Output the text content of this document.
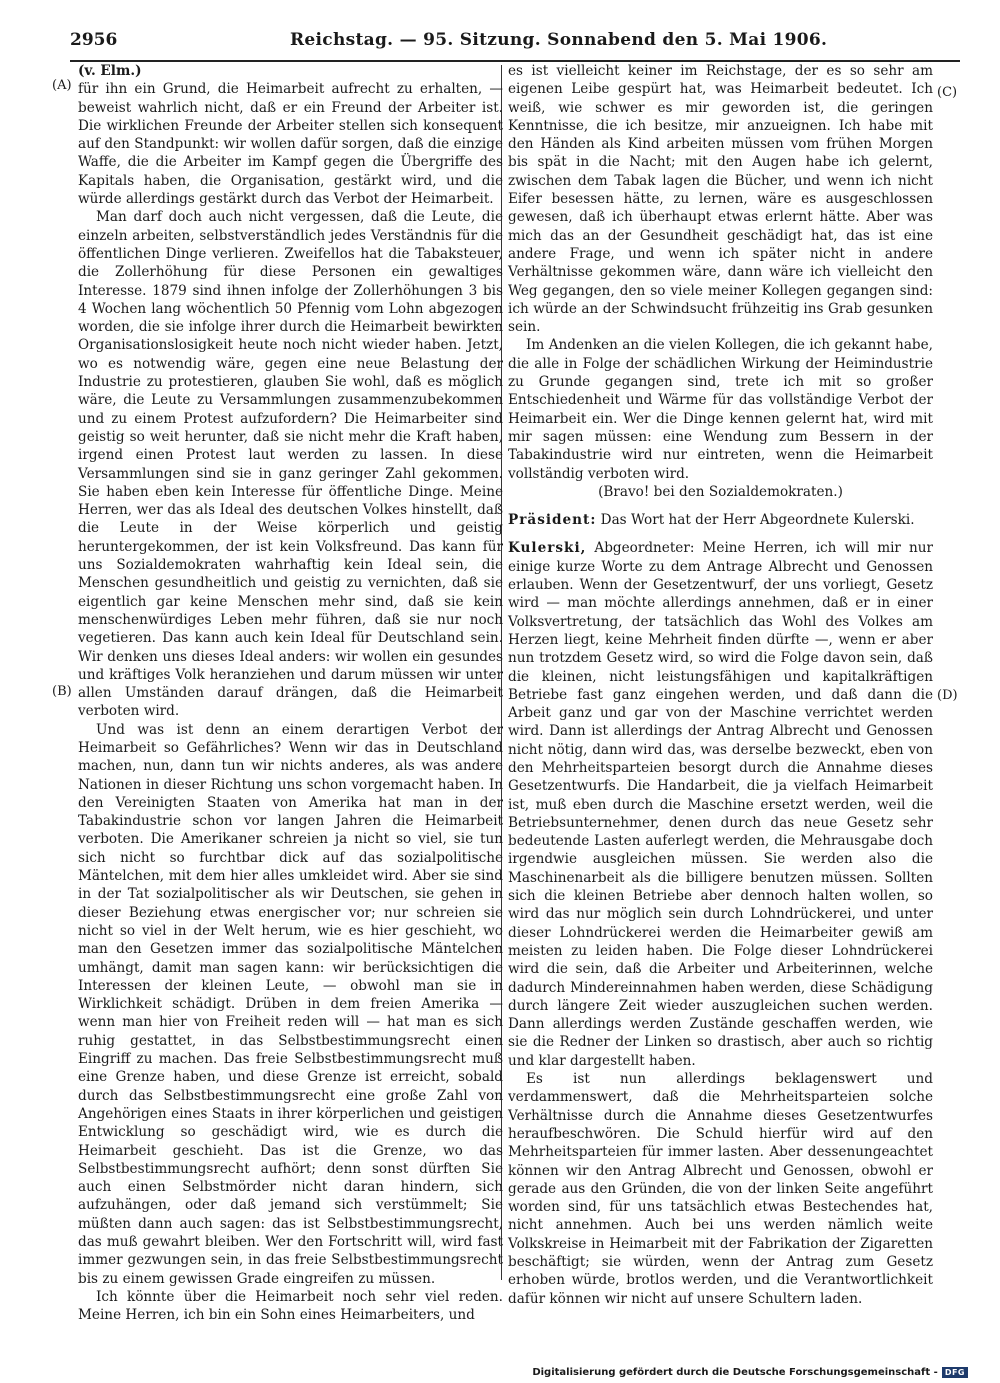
2956	Reichstag. — 95. Sitzung. Sonnabend den 5. Mai 1906.
(A)
(B)
(C)
(D)

(v. Elm.)

für ihn ein Grund, die Heimarbeit aufrecht zu erhalten, — beweist wahrlich nicht, daß er ein Freund der Arbeiter ist. Die wirklichen Freunde der Arbeiter stellen sich konsequent auf den Standpunkt: wir wollen dafür sorgen, daß die einzige Waffe, die die Arbeiter im Kampf gegen die Übergriffe des Kapitals haben, die Organisation, gestärkt wird, und die würde allerdings gestärkt durch das Verbot der Heimarbeit.

Man darf doch auch nicht vergessen, daß die Leute, die einzeln arbeiten, selbstverständlich jedes Verständnis für die öffentlichen Dinge verlieren. Zweifellos hat die Tabaksteuer, die Zollerhöhung für diese Personen ein gewaltiges Interesse. 1879 sind ihnen infolge der Zollerhöhungen 3 bis 4 Wochen lang wöchentlich 50 Pfennig vom Lohn abgezogen worden, die sie infolge ihrer durch die Heimarbeit bewirkten Organisationslosigkeit heute noch nicht wieder haben. Jetzt, wo es notwendig wäre, gegen eine neue Belastung der Industrie zu protestieren, glauben Sie wohl, daß es möglich wäre, die Leute zu Versammlungen zusammenzubekommen und zu einem Protest aufzufordern? Die Heimarbeiter sind geistig so weit herunter, daß sie nicht mehr die Kraft haben, irgend einen Protest laut werden zu lassen. In diese Versammlungen sind sie in ganz geringer Zahl gekommen. Sie haben eben kein Interesse für öffentliche Dinge. Meine Herren, wer das als Ideal des deutschen Volkes hinstellt, daß die Leute in der Weise körperlich und geistig heruntergekommen, der ist kein Volksfreund. Das kann für uns Sozialdemokraten wahrhaftig kein Ideal sein, die Menschen gesundheitlich und geistig zu vernichten, daß sie eigentlich gar keine Menschen mehr sind, daß sie kein menschenwürdiges Leben mehr führen, daß sie nur noch vegetieren. Das kann auch kein Ideal für Deutschland sein. Wir denken uns dieses Ideal anders: wir wollen ein gesundes und kräftiges Volk heranziehen und darum müssen wir unter allen Umständen darauf drängen, daß die Heimarbeit verboten wird.

Und was ist denn an einem derartigen Verbot der Heimarbeit so Gefährliches? Wenn wir das in Deutschland machen, nun, dann tun wir nichts anderes, als was andere Nationen in dieser Richtung uns schon vorgemacht haben. In den Vereinigten Staaten von Amerika hat man in der Tabakindustrie schon vor langen Jahren die Heimarbeit verboten. Die Amerikaner schreien ja nicht so viel, sie tun sich nicht so furchtbar dick auf das sozialpolitische Mäntelchen, mit dem hier alles umkleidet wird. Aber sie sind in der Tat sozialpolitischer als wir Deutschen, sie gehen in dieser Beziehung etwas energischer vor; nur schreien sie nicht so viel in der Welt herum, wie es hier geschieht, wo man den Gesetzen immer das sozialpolitische Mäntelchen umhängt, damit man sagen kann: wir berücksichtigen die Interessen der kleinen Leute, — obwohl man sie in Wirklichkeit schädigt. Drüben in dem freien Amerika — wenn man hier von Freiheit reden will — hat man es sich ruhig gestattet, in das Selbstbestimmungsrecht einen Eingriff zu machen. Das freie Selbstbestimmungsrecht muß eine Grenze haben, und diese Grenze ist erreicht, sobald durch das Selbstbestimmungsrecht eine große Zahl von Angehörigen eines Staats in ihrer körperlichen und geistigen Entwicklung so geschädigt wird, wie es durch die Heimarbeit geschieht. Das ist die Grenze, wo das Selbstbestimmungsrecht aufhört; denn sonst dürften Sie auch einen Selbstmörder nicht daran hindern, sich aufzuhängen, oder daß jemand sich verstümmelt; Sie müßten dann auch sagen: das ist Selbstbestimmungsrecht, das muß gewahrt bleiben. Wer den Fortschritt will, wird fast immer gezwungen sein, in das freie Selbstbestimmungsrecht bis zu einem gewissen Grade eingreifen zu müssen.

Ich könnte über die Heimarbeit noch sehr viel reden. Meine Herren, ich bin ein Sohn eines Heimarbeiters, und

es ist vielleicht keiner im Reichstage, der es so sehr am eigenen Leibe gespürt hat, was Heimarbeit bedeutet. Ich weiß, wie schwer es mir geworden ist, die geringen Kenntnisse, die ich besitze, mir anzueignen. Ich habe mit den Händen als Kind arbeiten müssen vom frühen Morgen bis spät in die Nacht; mit den Augen habe ich gelernt, zwischen dem Tabak lagen die Bücher, und wenn ich nicht Eifer besessen hätte, zu lernen, wäre es ausgeschlossen gewesen, daß ich überhaupt etwas erlernt hätte. Aber was mich das an der Gesundheit geschädigt hat, das ist eine andere Frage, und wenn ich später nicht in andere Verhältnisse gekommen wäre, dann wäre ich vielleicht den Weg gegangen, den so viele meiner Kollegen gegangen sind: ich würde an der Schwindsucht frühzeitig ins Grab gesunken sein.

Im Andenken an die vielen Kollegen, die ich gekannt habe, die alle in Folge der schädlichen Wirkung der Heimindustrie zu Grunde gegangen sind, trete ich mit so großer Entschiedenheit und Wärme für das vollständige Verbot der Heimarbeit ein. Wer die Dinge kennen gelernt hat, wird mit mir sagen müssen: eine Wendung zum Bessern in der Tabakindustrie wird nur eintreten, wenn die Heimarbeit vollständig verboten wird.

(Bravo! bei den Sozialdemokraten.)

Präsident: Das Wort hat der Herr Abgeordnete Kulerski.

Kulerski, Abgeordneter: Meine Herren, ich will mir nur einige kurze Worte zu dem Antrage Albrecht und Genossen erlauben. Wenn der Gesetzentwurf, der uns vorliegt, Gesetz wird — man möchte allerdings annehmen, daß er in einer Volksvertretung, der tatsächlich das Wohl des Volkes am Herzen liegt, keine Mehrheit finden dürfte —, wenn er aber nun trotzdem Gesetz wird, so wird die Folge davon sein, daß die kleinen, nicht leistungsfähigen und kapitalkräftigen Betriebe fast ganz eingehen werden, und daß dann die Arbeit ganz und gar von der Maschine verrichtet werden wird. Dann ist allerdings der Antrag Albrecht und Genossen nicht nötig, dann wird das, was derselbe bezweckt, eben von den Mehrheitsparteien besorgt durch die Annahme dieses Gesetzentwurfs. Die Handarbeit, die ja vielfach Heimarbeit ist, muß eben durch die Maschine ersetzt werden, weil die Betriebsunternehmer, denen durch das neue Gesetz sehr bedeutende Lasten auferlegt werden, die Mehrausgabe doch irgendwie ausgleichen müssen. Sie werden also die Maschinenarbeit als die billigere benutzen müssen. Sollten sich die kleinen Betriebe aber dennoch halten wollen, so wird das nur möglich sein durch Lohndrückerei, und unter dieser Lohndrückerei werden die Heimarbeiter gewiß am meisten zu leiden haben. Die Folge dieser Lohndrückerei wird die sein, daß die Arbeiter und Arbeiterinnen, welche dadurch Mindereinnahmen haben werden, diese Schädigung durch längere Zeit wieder auszugleichen suchen werden. Dann allerdings werden Zustände geschaffen werden, wie sie die Redner der Linken so drastisch, aber auch so richtig und klar dargestellt haben.

Es ist nun allerdings beklagenswert und verdammenswert, daß die Mehrheitsparteien solche Verhältnisse durch die Annahme dieses Gesetzentwurfes heraufbeschwören. Die Schuld hierfür wird auf den Mehrheitsparteien für immer lasten. Aber dessenungeachtet können wir den Antrag Albrecht und Genossen, obwohl er gerade aus den Gründen, die von der linken Seite angeführt worden sind, für uns tatsächlich etwas Bestechendes hat, nicht annehmen. Auch bei uns werden nämlich weite Volkskreise in Heimarbeit mit der Fabrikation der Zigaretten beschäftigt; sie würden, wenn der Antrag zum Gesetz erhoben würde, brotlos werden, und die Verantwortlichkeit dafür können wir nicht auf unsere Schultern laden.

Digitalisierung gefördert durch die Deutsche Forschungsgemeinschaft - DFG
